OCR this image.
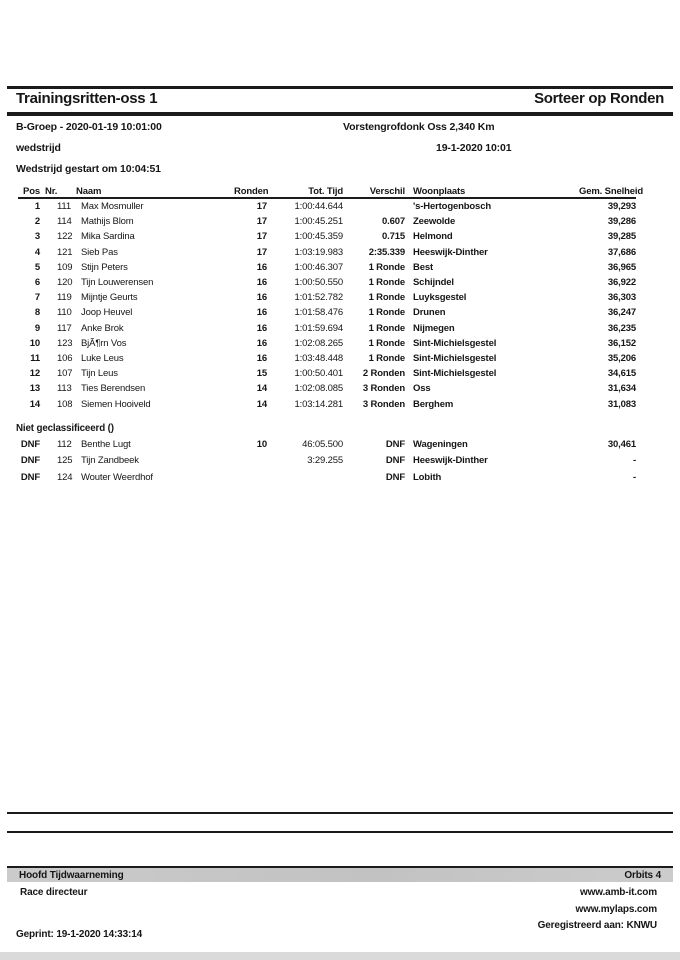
Trainingsritten-oss 1	Sorteer op Ronden
B-Groep - 2020-01-19 10:01:00	Vorstengrofdonk Oss 2,340 Km
wedstrijd	19-1-2020 10:01
Wedstrijd gestart om 10:04:51
Pos Nr.	Naam	Ronden	Tot. Tijd	Verschil Woonplaats	Gem. Snelheid
1	111	Max Mosmuller	17	1:00:44.644	's-Hertogenbosch	39,293
2	114 Mathijs Blom	17	1:00:45.251	0.607 Zeewolde	39,286
3	122 Mika Sardina	17	1:00:45.359	0.715 Helmond	39,285
4	121 Sieb Pas	17	1:03:19.983	2:35.339 Heeswijk-Dinther	37,686
5	109 Stijn Peters	16	1:00:46.307	1 Ronde Best	36,965
6	120 Tijn Louwerensen	16	1:00:50.550	1 Ronde Schijndel	36,922
7	119 Mijntje Geurts	16	1:01:52.782	1 Ronde Luyksgestel	36,303
8	110 Joop Heuvel	16	1:01:58.476	1 Ronde Drunen	36,247
9	117 Anke Brok	16	1:01:59.694	1 Ronde Nijmegen	36,235
10	123 BjÃ¶rn Vos	16	1:02:08.265	1 Ronde Sint-Michielsgestel	36,152
11	106 Luke Leus	16	1:03:48.448	1 Ronde Sint-Michielsgestel	35,206
12	107 Tijn Leus	15	1:00:50.401	2 Ronden Sint-Michielsgestel	34,615
13	113 Ties Berendsen	14	1:02:08.085	3 Ronden Oss	31,634
14	108 Siemen Hooiveld	14	1:03:14.281	3 Ronden Berghem	31,083
Niet geclassificeerd ()
DNF	112 Benthe Lugt	10	46:05.500	DNF Wageningen	30,461
DNF	125 Tijn Zandbeek	3:29.255	DNF Heeswijk-Dinther	-
DNF	124 Wouter Weerdhof	DNF Lobith	-
Hoofd Tijdwaarneming	Orbits 4
Race directeur	www.amb-it.com
www.mylaps.com
Geregistreerd aan: KNWU
Geprint: 19-1-2020 14:33:14
